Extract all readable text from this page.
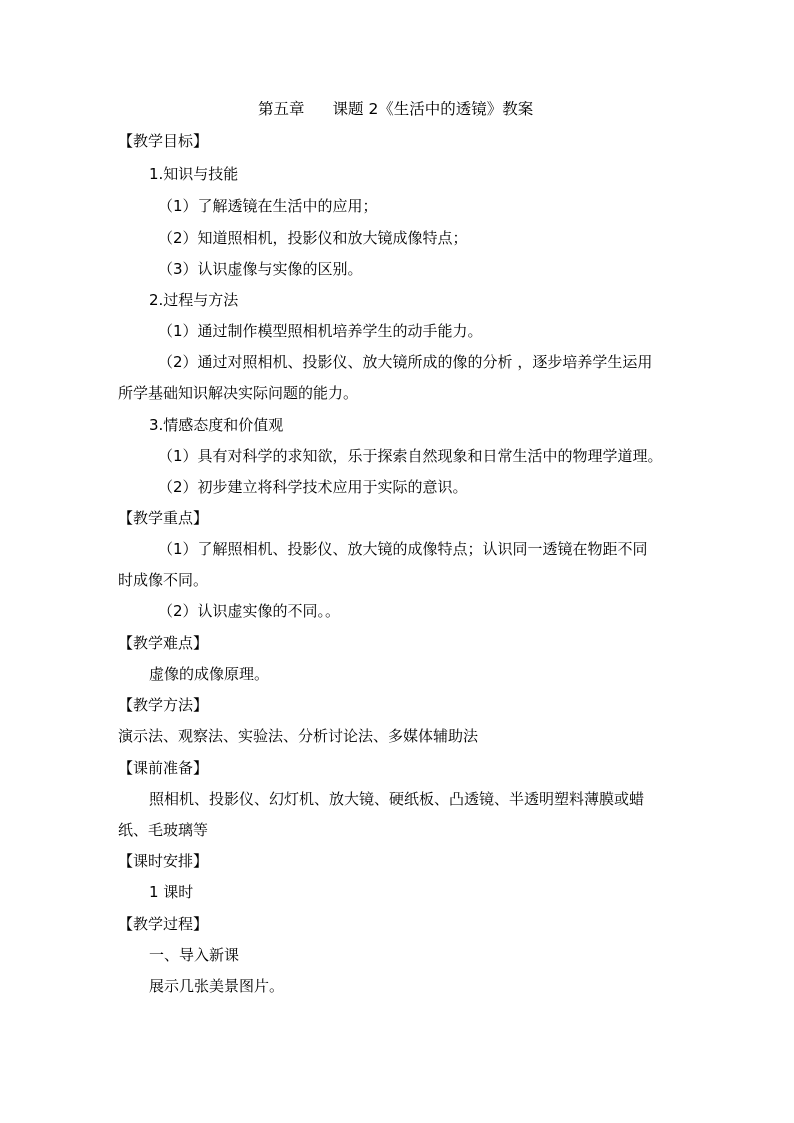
第五章 课题 2《生活中的透镜》教案
【教学目标】
1.知识与技能
（1）了解透镜在生活中的应用；
（2）知道照相机，投影仪和放大镜成像特点；
（3）认识虚像与实像的区别。
2.过程与方法
（1）通过制作模型照相机培养学生的动手能力。
（2）通过对照相机、投影仪、放大镜所成的像的分析 ，逐步培养学生运用
所学基础知识解决实际问题的能力。
3.情感态度和价值观
（1）具有对科学的求知欲，乐于探索自然现象和日常生活中的物理学道理。
（2）初步建立将科学技术应用于实际的意识。
【教学重点】
（1）了解照相机、投影仪、放大镜的成像特点；认识同一透镜在物距不同
时成像不同。
（2）认识虚实像的不同。。
【教学难点】
虚像的成像原理。
【教学方法】
演示法、观察法、实验法、分析讨论法、多媒体辅助法
【课前准备】
照相机、投影仪、幻灯机、放大镜、硬纸板、凸透镜、半透明塑料薄膜或蜡
纸、毛玻璃等
【课时安排】
1 课时
【教学过程】
一、导入新课
展示几张美景图片。
